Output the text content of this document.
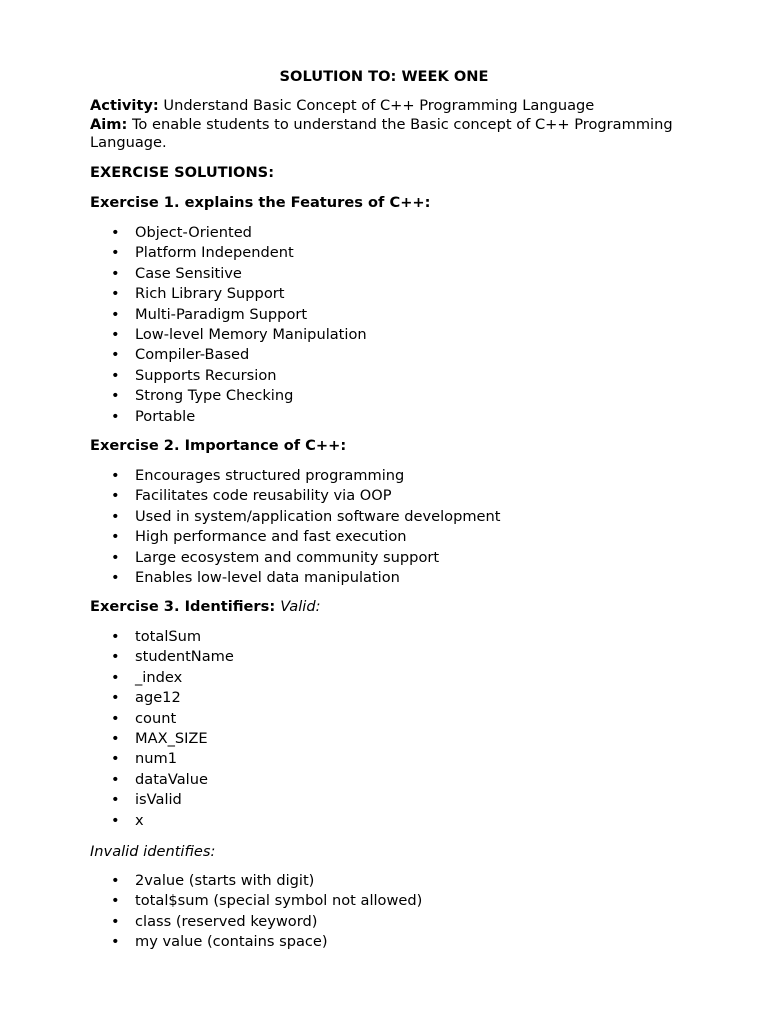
SOLUTION TO: WEEK ONE

Activity: Understand Basic Concept of C++ Programming Language

Aim: To enable students to understand the Basic concept of C++ Programming Language.

EXERCISE SOLUTIONS:
Exercise 1. explains the Features of C++:
• Object-Oriented
• Platform Independent
• Case Sensitive
• Rich Library Support
• Multi-Paradigm Support
• Low-level Memory Manipulation
• Compiler-Based
• Supports Recursion
• Strong Type Checking
• Portable
Exercise 2. Importance of C++:
• Encourages structured programming
• Facilitates code reusability via OOP
• Used in system/application software development
• High performance and fast execution
• Large ecosystem and community support
• Enables low-level data manipulation
Exercise 3. Identifiers: Valid:
• totalSum
• studentName
• _index
• age12
• count
• MAX_SIZE
• num1
• dataValue
• isValid
• x
Invalid identifies:
• 2value (starts with digit)
• total$sum (special symbol not allowed)
• class (reserved keyword)
• my value (contains space)
